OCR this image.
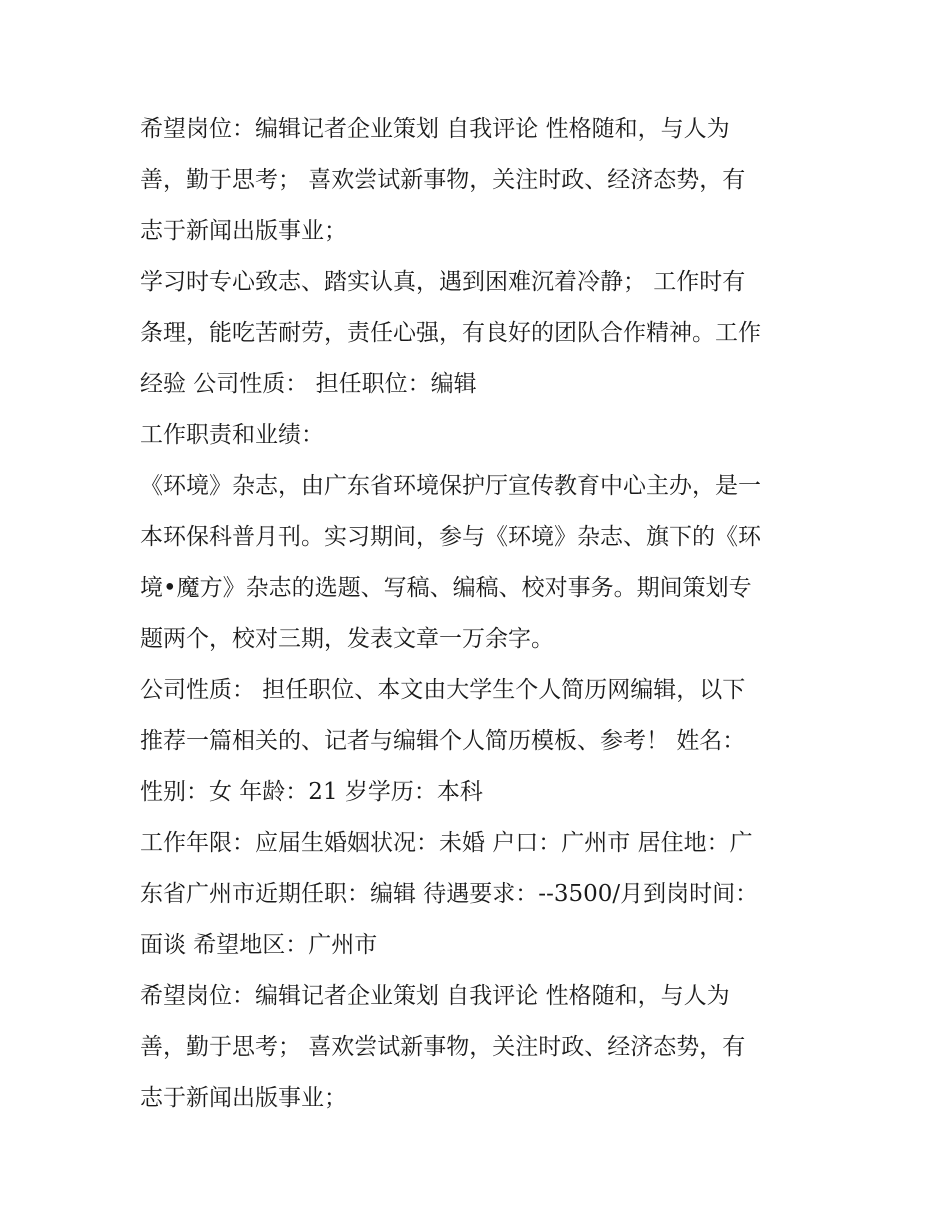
希望岗位：编辑记者企业策划 自我评论 性格随和，与人为
善，勤于思考； 喜欢尝试新事物，关注时政、经济态势，有
志于新闻出版事业；
学习时专心致志、踏实认真，遇到困难沉着冷静； 工作时有
条理，能吃苦耐劳，责任心强，有良好的团队合作精神。工作
经验 公司性质： 担任职位：编辑
工作职责和业绩：
《环境》杂志，由广东省环境保护厅宣传教育中心主办，是一
本环保科普月刊。实习期间，参与《环境》杂志、旗下的《环
境•魔方》杂志的选题、写稿、编稿、校对事务。期间策划专
题两个，校对三期，发表文章一万余字。
公司性质： 担任职位、本文由大学生个人简历网编辑，以下
推荐一篇相关的、记者与编辑个人简历模板、参考！ 姓名：
性别：女 年龄：21 岁学历：本科
工作年限：应届生婚姻状况：未婚 户口：广州市 居住地：广
东省广州市近期任职：编辑 待遇要求：--3500/月到岗时间：
面谈 希望地区：广州市
希望岗位：编辑记者企业策划 自我评论 性格随和，与人为
善，勤于思考； 喜欢尝试新事物，关注时政、经济态势，有
志于新闻出版事业；
